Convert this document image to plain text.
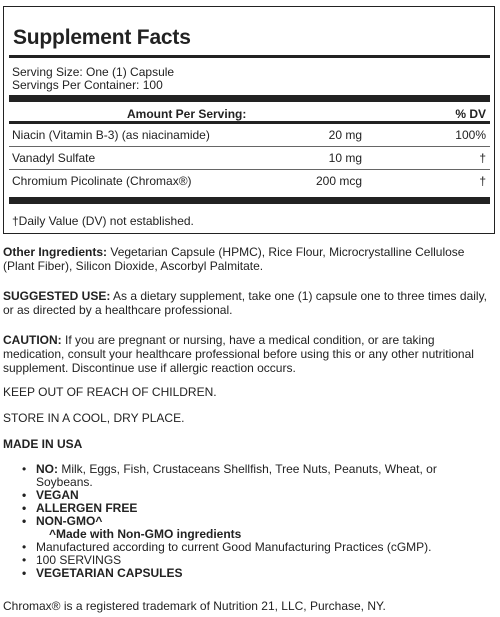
Supplement Facts
Serving Size: One (1) Capsule
Servings Per Container: 100
Amount Per Serving:	% DV
Niacin (Vitamin B-3) (as niacinamide)	20 mg	100%
Vanadyl Sulfate	10 mg	†
Chromium Picolinate (Chromax®)	200 mcg	†
†Daily Value (DV) not established.

Other Ingredients: Vegetarian Capsule (HPMC), Rice Flour, Microcrystalline Cellulose (Plant Fiber), Silicon Dioxide, Ascorbyl Palmitate.

SUGGESTED USE: As a dietary supplement, take one (1) capsule one to three times daily, or as directed by a healthcare professional.

CAUTION: If you are pregnant or nursing, have a medical condition, or are taking medication, consult your healthcare professional before using this or any other nutritional supplement. Discontinue use if allergic reaction occurs.

KEEP OUT OF REACH OF CHILDREN.
STORE IN A COOL, DRY PLACE.
MADE IN USA
• NO: Milk, Eggs, Fish, Crustaceans Shellfish, Tree Nuts, Peanuts, Wheat, or Soybeans.
• VEGAN
• ALLERGEN FREE
• NON-GMO^
^Made with Non-GMO ingredients
• Manufactured according to current Good Manufacturing Practices (cGMP).
• 100 SERVINGS
• VEGETARIAN CAPSULES
Chromax® is a registered trademark of Nutrition 21, LLC, Purchase, NY.
